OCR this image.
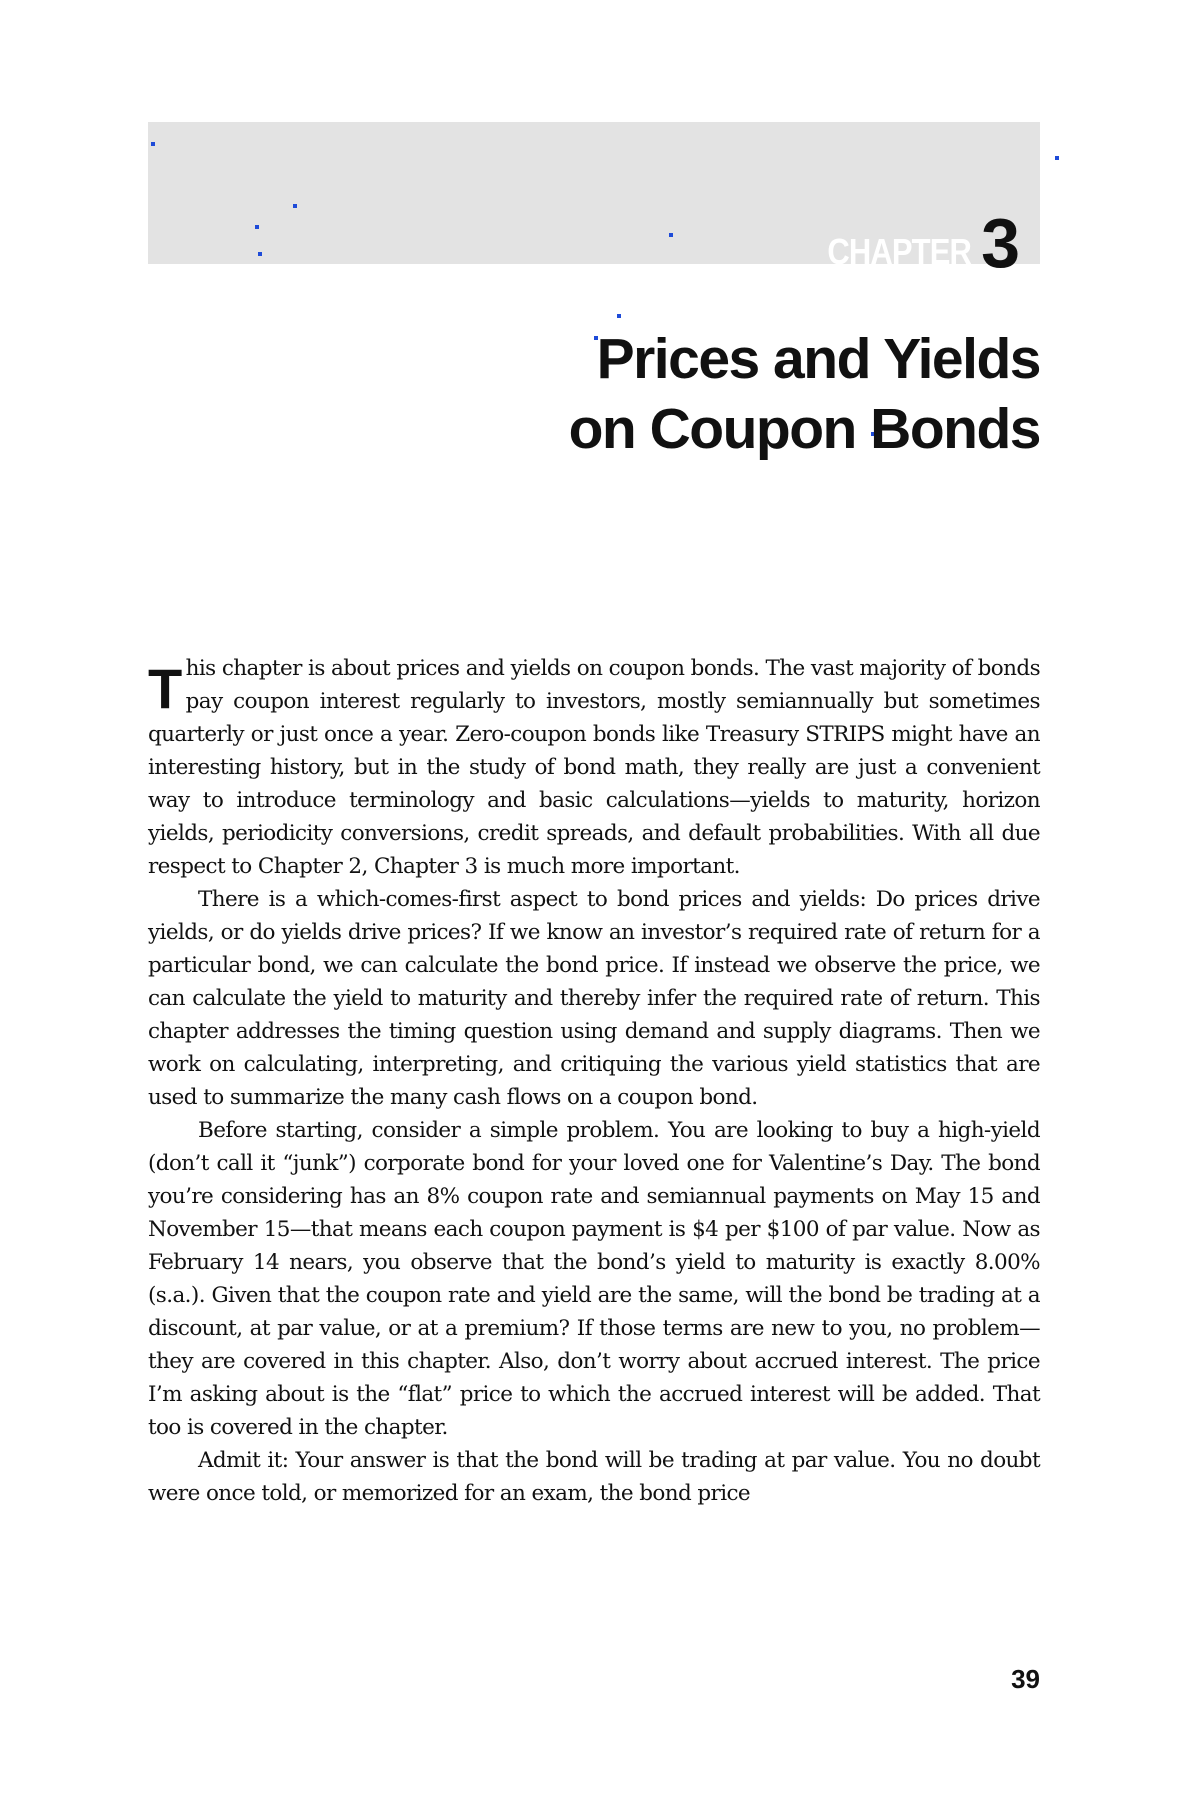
CHAPTER 3
Prices and Yields
on Coupon Bonds

This chapter is about prices and yields on coupon bonds. The vast majority of bonds pay coupon interest regularly to investors, mostly semiannually but sometimes quarterly or just once a year. Zero-coupon bonds like Treasury STRIPS might have an interesting history, but in the study of bond math, they really are just a convenient way to introduce terminology and basic calculations—yields to maturity, horizon yields, periodicity conversions, credit spreads, and default probabilities. With all due respect to Chapter 2, Chapter 3 is much more important.

There is a which-comes-first aspect to bond prices and yields: Do prices drive yields, or do yields drive prices? If we know an investor’s required rate of return for a particular bond, we can calculate the bond price. If instead we observe the price, we can calculate the yield to maturity and thereby infer the required rate of return. This chapter addresses the timing question using demand and supply diagrams. Then we work on calculating, interpreting, and critiquing the various yield statistics that are used to summarize the many cash flows on a coupon bond.

Before starting, consider a simple problem. You are looking to buy a high-yield (don’t call it “junk”) corporate bond for your loved one for Valentine’s Day. The bond you’re considering has an 8% coupon rate and semiannual payments on May 15 and November 15—that means each coupon payment is $4 per $100 of par value. Now as February 14 nears, you observe that the bond’s yield to maturity is exactly 8.00% (s.a.). Given that the coupon rate and yield are the same, will the bond be trading at a discount, at par value, or at a premium? If those terms are new to you, no problem—they are covered in this chapter. Also, don’t worry about accrued interest. The price I’m asking about is the “flat” price to which the accrued interest will be added. That too is covered in the chapter.

Admit it: Your answer is that the bond will be trading at par value. You no doubt were once told, or memorized for an exam, the bond price

39
